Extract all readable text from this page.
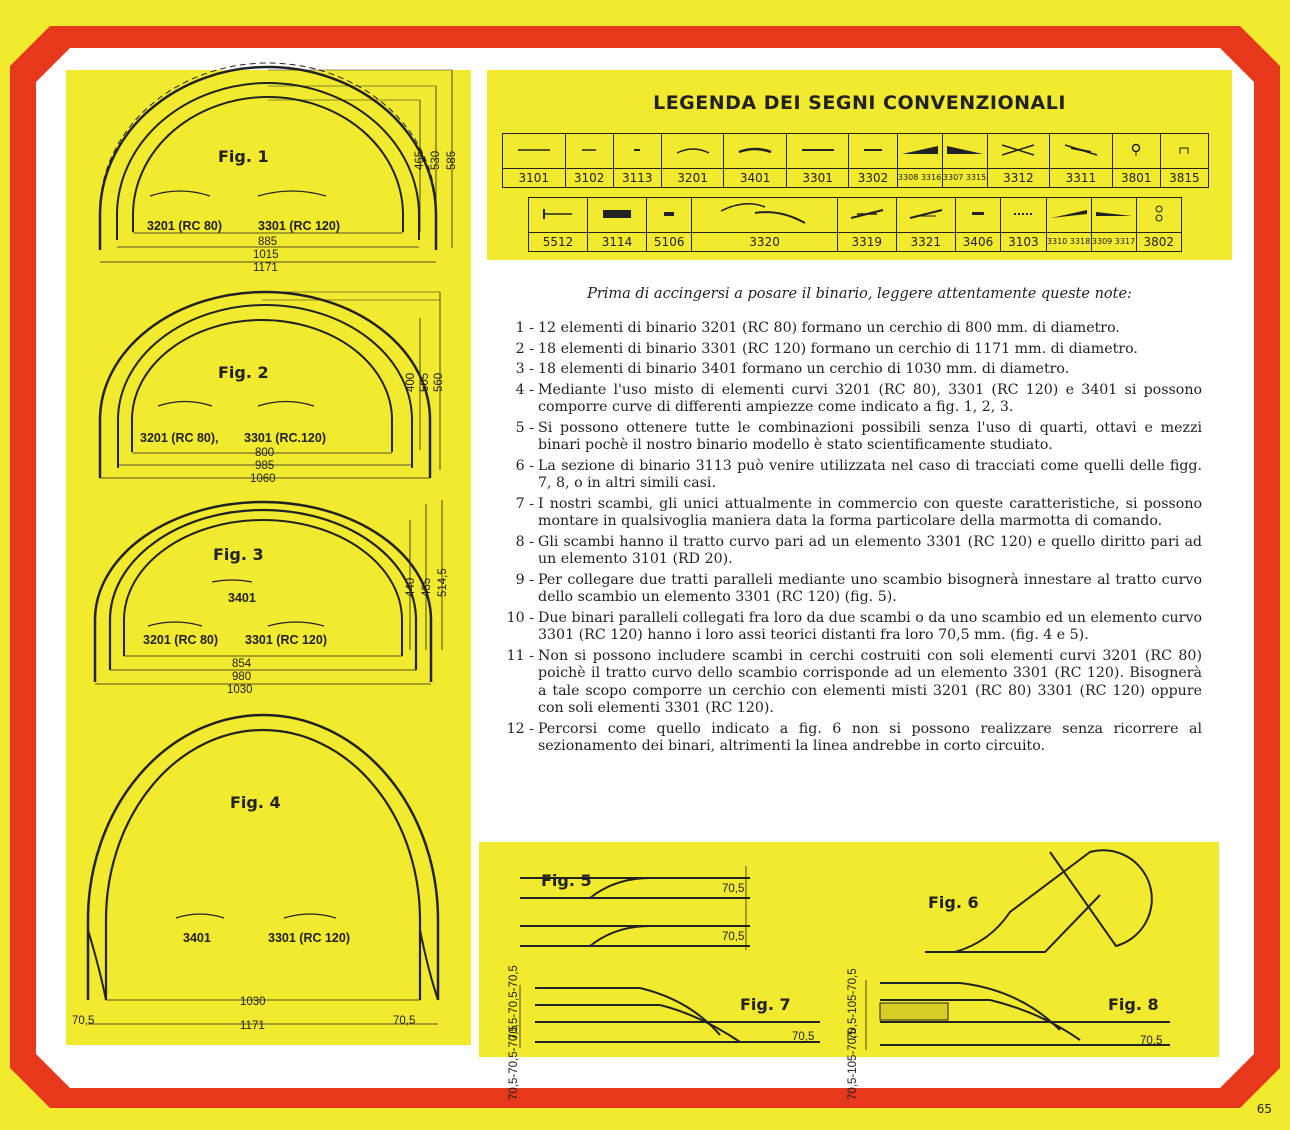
LEGENDA DEI SEGNI CONVENZIONALI

3101	3102	3113	3201	3401	3301	3302	3308 3316	3307 3315	3312	3311	3801	3815

5512	3114	5106	3320	3319	3321	3406	3103	3310 3318	3309 3317	3802
Prima di accingersi a posare il binario, leggere attentamente queste note:
1 - 12 elementi di binario 3201 (RC 80) formano un cerchio di 800 mm. di diametro.
2 - 18 elementi di binario 3301 (RC 120) formano un cerchio di 1171 mm. di diametro.
3 - 18 elementi di binario 3401 formano un cerchio di 1030 mm. di diametro.
4 - Mediante l'uso misto di elementi curvi 3201 (RC 80), 3301 (RC 120) e 3401 si possono comporre curve di differenti ampiezze come indicato a fig. 1, 2, 3.
5 - Si possono ottenere tutte le combinazioni possibili senza l'uso di quarti, ottavi e mezzi binari pochè il nostro binario modello è stato scientificamente studiato.
6 - La sezione di binario 3113 può venire utilizzata nel caso di tracciati come quelli delle figg. 7, 8, o in altri simili casi.
7 - I nostri scambi, gli unici attualmente in commercio con queste caratteristiche, si possono montare in qualsivoglia maniera data la forma particolare della marmotta di comando.
8 - Gli scambi hanno il tratto curvo pari ad un elemento 3301 (RC 120) e quello diritto pari ad un elemento 3101 (RD 20).
9 - Per collegare due tratti paralleli mediante uno scambio bisognerà innestare al tratto curvo dello scambio un elemento 3301 (RC 120) (fig. 5).
10 - Due binari paralleli collegati fra loro da due scambi o da uno scambio ed un elemento curvo 3301 (RC 120) hanno i loro assi teorici distanti fra loro 70,5 mm. (fig. 4 e 5).
11 - Non si possono includere scambi in cerchi costruiti con soli elementi curvi 3201 (RC 80) poichè il tratto curvo dello scambio corrisponde ad un elemento 3301 (RC 120). Bisognerà a tale scopo comporre un cerchio con elementi misti 3201 (RC 80) 3301 (RC 120) oppure con soli elementi 3301 (RC 120).
12 - Percorsi come quello indicato a fig. 6 non si possono realizzare senza ricorrere al sezionamento dei binari, altrimenti la linea andrebbe in corto circuito.
Fig. 1
3201 (RC 80)	3301 (RC 120)
885
1015
1171
465 530 585
Fig. 2
3201 (RC 80), 3301 (RC.120)
800
985
1060
400 505 560
Fig. 3
3401
3201 (RC 80) 3301 (RC 120)
854
980
1030
440 485 514,5
Fig. 4
3401	3301 (RC 120)
1030
1171
70,5	70,5
Fig. 5	70,5
70,5
Fig. 6
Fig. 7
70,5-70,5-70,5
70,5-70,5-70,5	70,5
Fig. 8
70,5-105-70,5
70,5-105-70,5	70,5
65
